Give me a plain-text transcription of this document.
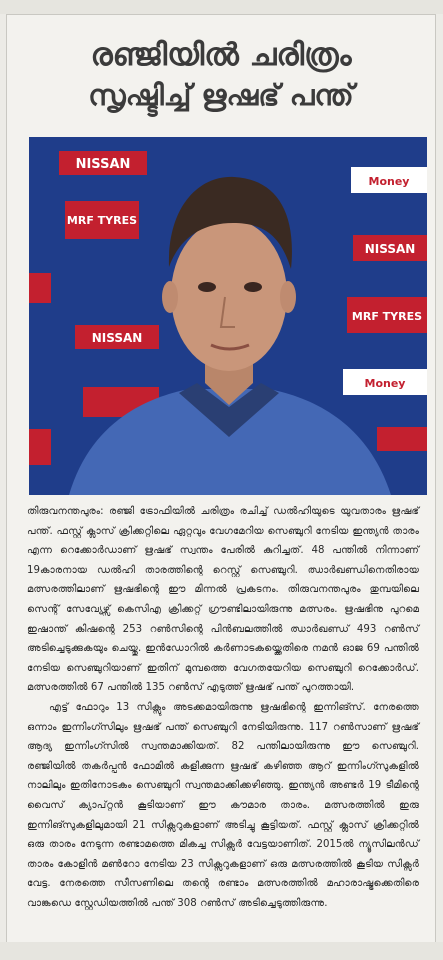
രഞ്ജിയിൽ ചരിത്രം
സൃഷ്ടിച്ച് ഋഷഭ് പന്ത്
NISSAN
MRF TYRES
NISSAN
Money
NISSAN
MRF TYRES
Money

തിരുവനന്തപുരം: രഞ്ജി ട്രോഫിയിൽ ചരിത്രം രചിച്ച് ഡൽഹിയുടെ യുവതാരം ഋഷഭ് പന്ത്. ഫസ്റ്റ് ക്ലാസ് ക്രിക്കറ്റിലെ ഏറ്റവും വേഗമേറിയ സെഞ്ചുറി നേടിയ ഇന്ത്യൻ താരം എന്ന റെക്കോർഡാണ് ഋഷഭ് സ്വന്തം പേരിൽ കുറിച്ചത്. 48 പന്തിൽ നിന്നാണ് 19കാരനായ ഡൽഹി താരത്തിന്റെ റെസ്റ്റ് സെഞ്ചുറി. ഝാർഖണ്ഡിനെതിരായ മത്സരത്തിലാണ് ഋഷഭിന്റെ ഈ മിന്നൽ പ്രകടനം. തിരുവനന്തപുരം തുമ്പയിലെ സെന്റ് സേവ്യേഴ്സ് കെസിഎ ക്രിക്കറ്റ് ഗ്രൗണ്ടിലായിരുന്നു മത്സരം. ഋഷഭിനു പുറമെ ഇഷാന്ത് കിഷന്റെ 253 റൺസിന്റെ പിൻബലത്തിൽ ഝാർഖണ്ഡ് 493 റൺസ് അടിച്ചെടുക്കുകയും ചെയ്തു. ഇൻഡോറിൽ കർണാടകയ്ക്കെതിരെ നമൻ ഓജ 69 പന്തിൽ നേടിയ സെഞ്ചുറിയാണ് ഇതിന് മുമ്പത്തെ വേഗതയേറിയ സെഞ്ചുറി റെക്കോർഡ്. മത്സരത്തിൽ 67 പന്തിൽ 135 റൺസ് എടുത്ത് ഋഷഭ് പന്ത് പുറത്തായി.

എട്ട് ഫോറും 13 സിക്സും അടക്കമായിരുന്നു ഋഷഭിന്റെ ഇന്നിങ്സ്. നേരത്തെ ഒന്നാം ഇന്നിംഗ്സിലും ഋഷഭ് പന്ത് സെഞ്ചുറി നേടിയിരുന്നു. 117 റൺസാണ് ഋഷഭ് ആദ്യ ഇന്നിംഗ്സിൽ സ്വന്തമാക്കിയത്. 82 പന്തിലായിരുന്നു ഈ സെഞ്ചുറി. രഞ്ജിയിൽ തകർപ്പൻ ഫോമിൽ കളിക്കുന്ന ഋഷഭ് കഴിഞ്ഞ ആറ് ഇന്നിംഗ്സുകളിൽ നാലിലും ഇതിനോടകം സെഞ്ചുറി സ്വന്തമാക്കിക്കഴിഞ്ഞു. ഇന്ത്യൻ അണ്ടർ 19 ടീമിന്റെ വൈസ് ക്യാപ്റ്റൻ കൂടിയാണ് ഈ കൗമാര താരം. മത്സരത്തിൽ ഇരു ഇന്നിങ്സുകളിലുമായി 21 സിക്സറുകളാണ് അടിച്ചു കൂട്ടിയത്. ഫസ്റ്റ് ക്ലാസ് ക്രിക്കറ്റിൽ ഒരു താരം നേടുന്ന രണ്ടാമത്തെ മികച്ച സിക്സർ വേട്ടയാണിത്. 2015ൽ ന്യൂസിലൻഡ് താരം കോളിൻ മൺറോ നേടിയ 23 സിക്സറുകളാണ് ഒരു മത്സരത്തിൽ കൂടിയ സിക്സർ വേട്ട. നേരത്തെ സീസണിലെ തന്റെ രണ്ടാം മത്സരത്തിൽ മഹാരാഷ്ട്രക്കെതിരെ വാങ്കഡെ സ്റ്റേഡിയത്തിൽ പന്ത് 308 റൺസ് അടിച്ചെടുത്തിരുന്നു.
